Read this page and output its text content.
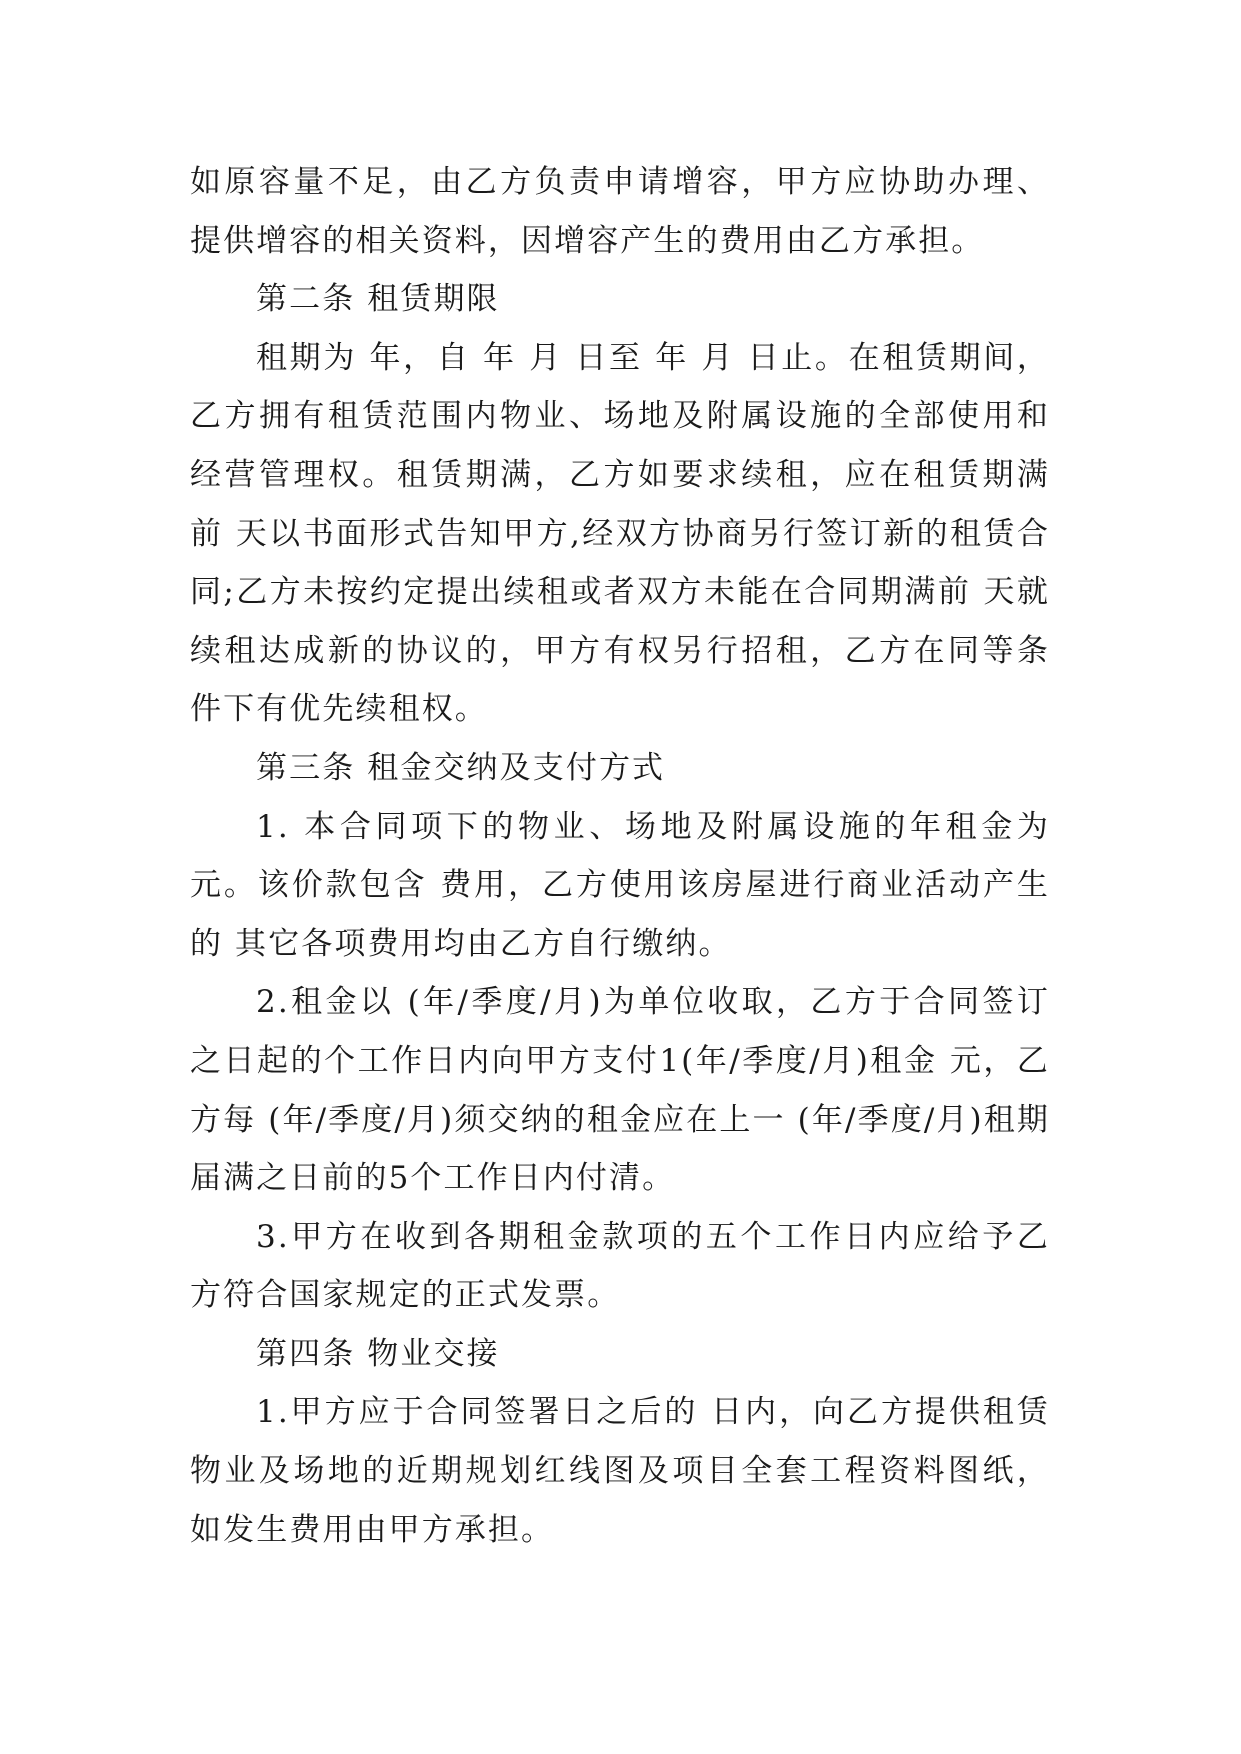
如原容量不足，由乙方负责申请增容，甲方应协助办理、提供增容的相关资料，因增容产生的费用由乙方承担。

第二条 租赁期限

租期为 年，自 年 月 日至 年 月 日止。在租赁期间，乙方拥有租赁范围内物业、场地及附属设施的全部使用和经营管理权。租赁期满，乙方如要求续租，应在租赁期满前 天以书面形式告知甲方,经双方协商另行签订新的租赁合同;乙方未按约定提出续租或者双方未能在合同期满前 天就续租达成新的协议的，甲方有权另行招租，乙方在同等条件下有优先续租权。

第三条 租金交纳及支付方式

1. 本合同项下的物业、场地及附属设施的年租金为 元。该价款包含 费用，乙方使用该房屋进行商业活动产生的 其它各项费用均由乙方自行缴纳。

2.租金以 (年/季度/月)为单位收取，乙方于合同签订之日起的个工作日内向甲方支付1(年/季度/月)租金 元，乙方每 (年/季度/月)须交纳的租金应在上一 (年/季度/月)租期届满之日前的5个工作日内付清。

3.甲方在收到各期租金款项的五个工作日内应给予乙方符合国家规定的正式发票。

第四条 物业交接

1.甲方应于合同签署日之后的 日内，向乙方提供租赁物业及场地的近期规划红线图及项目全套工程资料图纸，如发生费用由甲方承担。
